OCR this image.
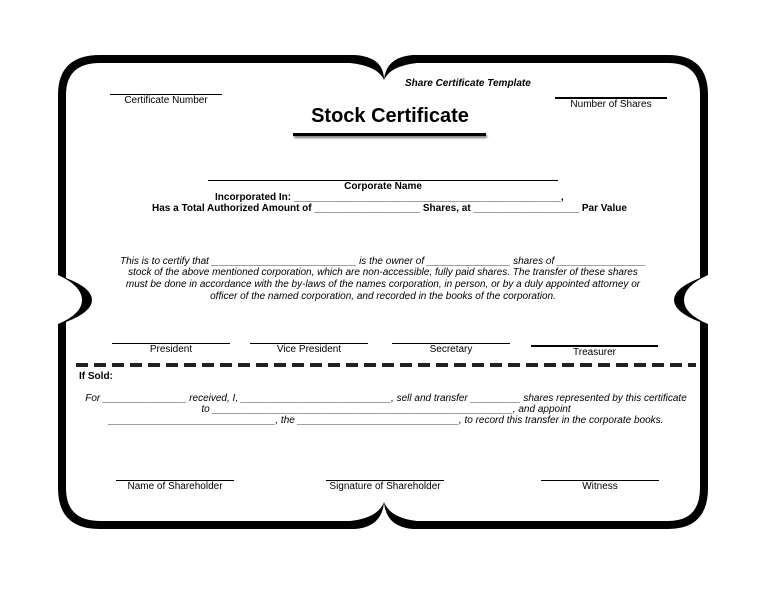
Share Certificate Template
Certificate Number	Number of Shares
Stock Certificate
Corporate Name
Incorporated In: ________________________________________________,
Has a Total Authorized Amount of ___________________ Shares, at ___________________ Par Value
This is to certify that __________________________ is the owner of _______________ shares of ________________
stock of the above mentioned corporation, which are non-accessible, fully paid shares. The transfer of these shares
must be done in accordance with the by-laws of the names corporation, in person, or by a duly appointed attorney or
officer of the named corporation, and recorded in the books of the corporation.
President	Vice President	Secretary	Treasurer
If Sold:
For _______________ received, I, ___________________________, sell and transfer _________ shares represented by this certificate
to ______________________________________________________, and appoint
______________________________, the _____________________________, to record this transfer in the corporate books.
Name of Shareholder	Signature of Shareholder	Witness
